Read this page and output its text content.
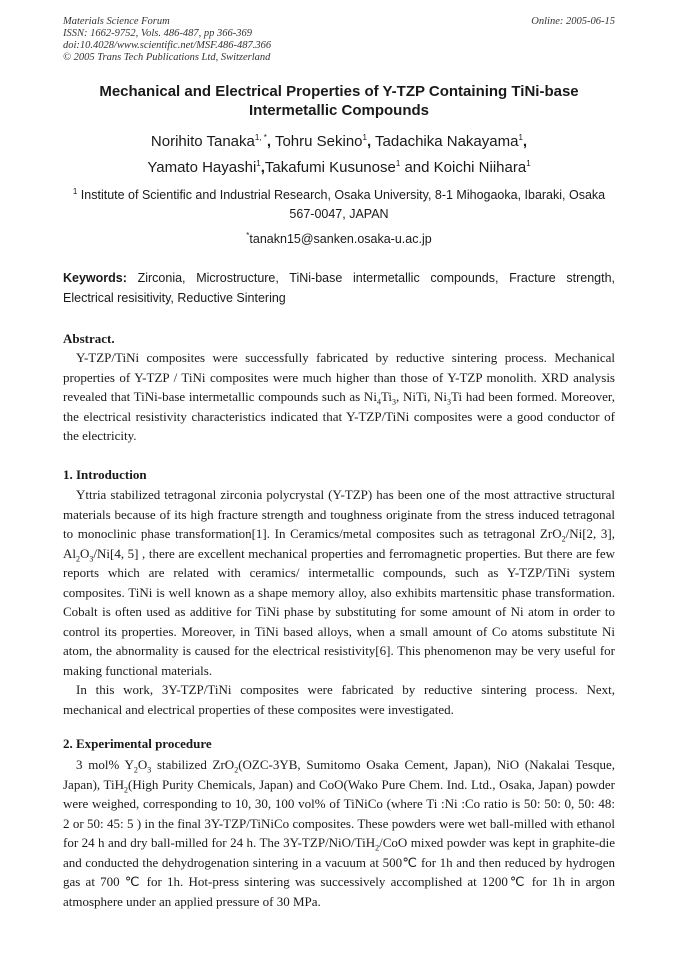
Materials Science Forum
ISSN: 1662-9752, Vols. 486-487, pp 366-369
doi:10.4028/www.scientific.net/MSF.486-487.366
© 2005 Trans Tech Publications Ltd, Switzerland
Online: 2005-06-15
Mechanical and Electrical Properties of Y-TZP Containing TiNi-base
Intermetallic Compounds
Norihito Tanaka$^{1, *}$, Tohru Sekino$^1$, Tadachika Nakayama$^1$,
Yamato Hayashi$^1$,Takafumi Kusunose$^1$ and Koichi Niihara$^1$
$^1$ Institute of Scientific and Industrial Research, Osaka University, 8-1 Mihogaoka, Ibaraki, Osaka
567-0047, JAPAN
*tanakn15@sanken.osaka-u.ac.jp
Keywords: Zirconia, Microstructure, TiNi-base intermetallic compounds, Fracture strength, Electrical resisitivity, Reductive Sintering
Abstract.
Y-TZP/TiNi composites were successfully fabricated by reductive sintering process. Mechanical properties of Y-TZP / TiNi composites were much higher than those of Y-TZP monolith. XRD analysis revealed that TiNi-base intermetallic compounds such as $Ni_4Ti_3$, NiTi, $Ni_3Ti$ had been formed. Moreover, the electrical resistivity characteristics indicated that Y-TZP/TiNi composites were a good conductor of the electricity.
1. Introduction
Yttria stabilized tetragonal zirconia polycrystal (Y-TZP) has been one of the most attractive structural materials because of its high fracture strength and toughness originate from the stress induced tetragonal to monoclinic phase transformation[1]. In Ceramics/metal composites such as tetragonal ZrO$_2$/Ni[2, 3], $Al_2O_3/Ni[4$, 5] , there are excellent mechanical properties and ferromagnetic properties. But there are few reports which are related with ceramics/ intermetallic compounds, such as Y-TZP/TiNi system composites. TiNi is well known as a shape memory alloy, also exhibits martensitic phase transformation. Cobalt is often used as additive for TiNi phase by substituting for some amount of Ni atom in order to control its properties. Moreover, in TiNi based alloys, when a small amount of Co atoms substitute Ni atom, the abnormality is caused for the electrical resistivity[6]. This phenomenon may be very useful for making functional materials.
In this work, 3Y-TZP/TiNi composites were fabricated by reductive sintering process. Next, mechanical and electrical properties of these composites were investigated.
2. Experimental procedure
3 mol% $Y_2O_3$ stabilized ZrO$_2$(OZC-3YB, Sumitomo Osaka Cement, Japan), NiO (Nakalai Tesque, Japan), TiH$_2$(High Purity Chemicals, Japan) and CoO(Wako Pure Chem. Ind. Ltd., Osaka, Japan) powder were weighed, corresponding to 10, 30, 100 vol% of TiNiCo (where Ti :Ni :Co ratio is 50: 50: 0, 50: 48: 2 or 50: 45: 5 ) in the final 3Y-TZP/TiNiCo composites. These powders were wet ball-milled with ethanol for 24 h and dry ball-milled for 24 h. The 3Y-TZP/NiO/TiH$_2$/CoO mixed powder was kept in graphite-die and conducted the dehydrogenation sintering in a vacuum at 500℃ for 1h and then reduced by hydrogen gas at 700 ℃ for 1h. Hot-press sintering was successively accomplished at 1200℃ for 1h in argon atmosphere under an applied pressure of 30 MPa.
